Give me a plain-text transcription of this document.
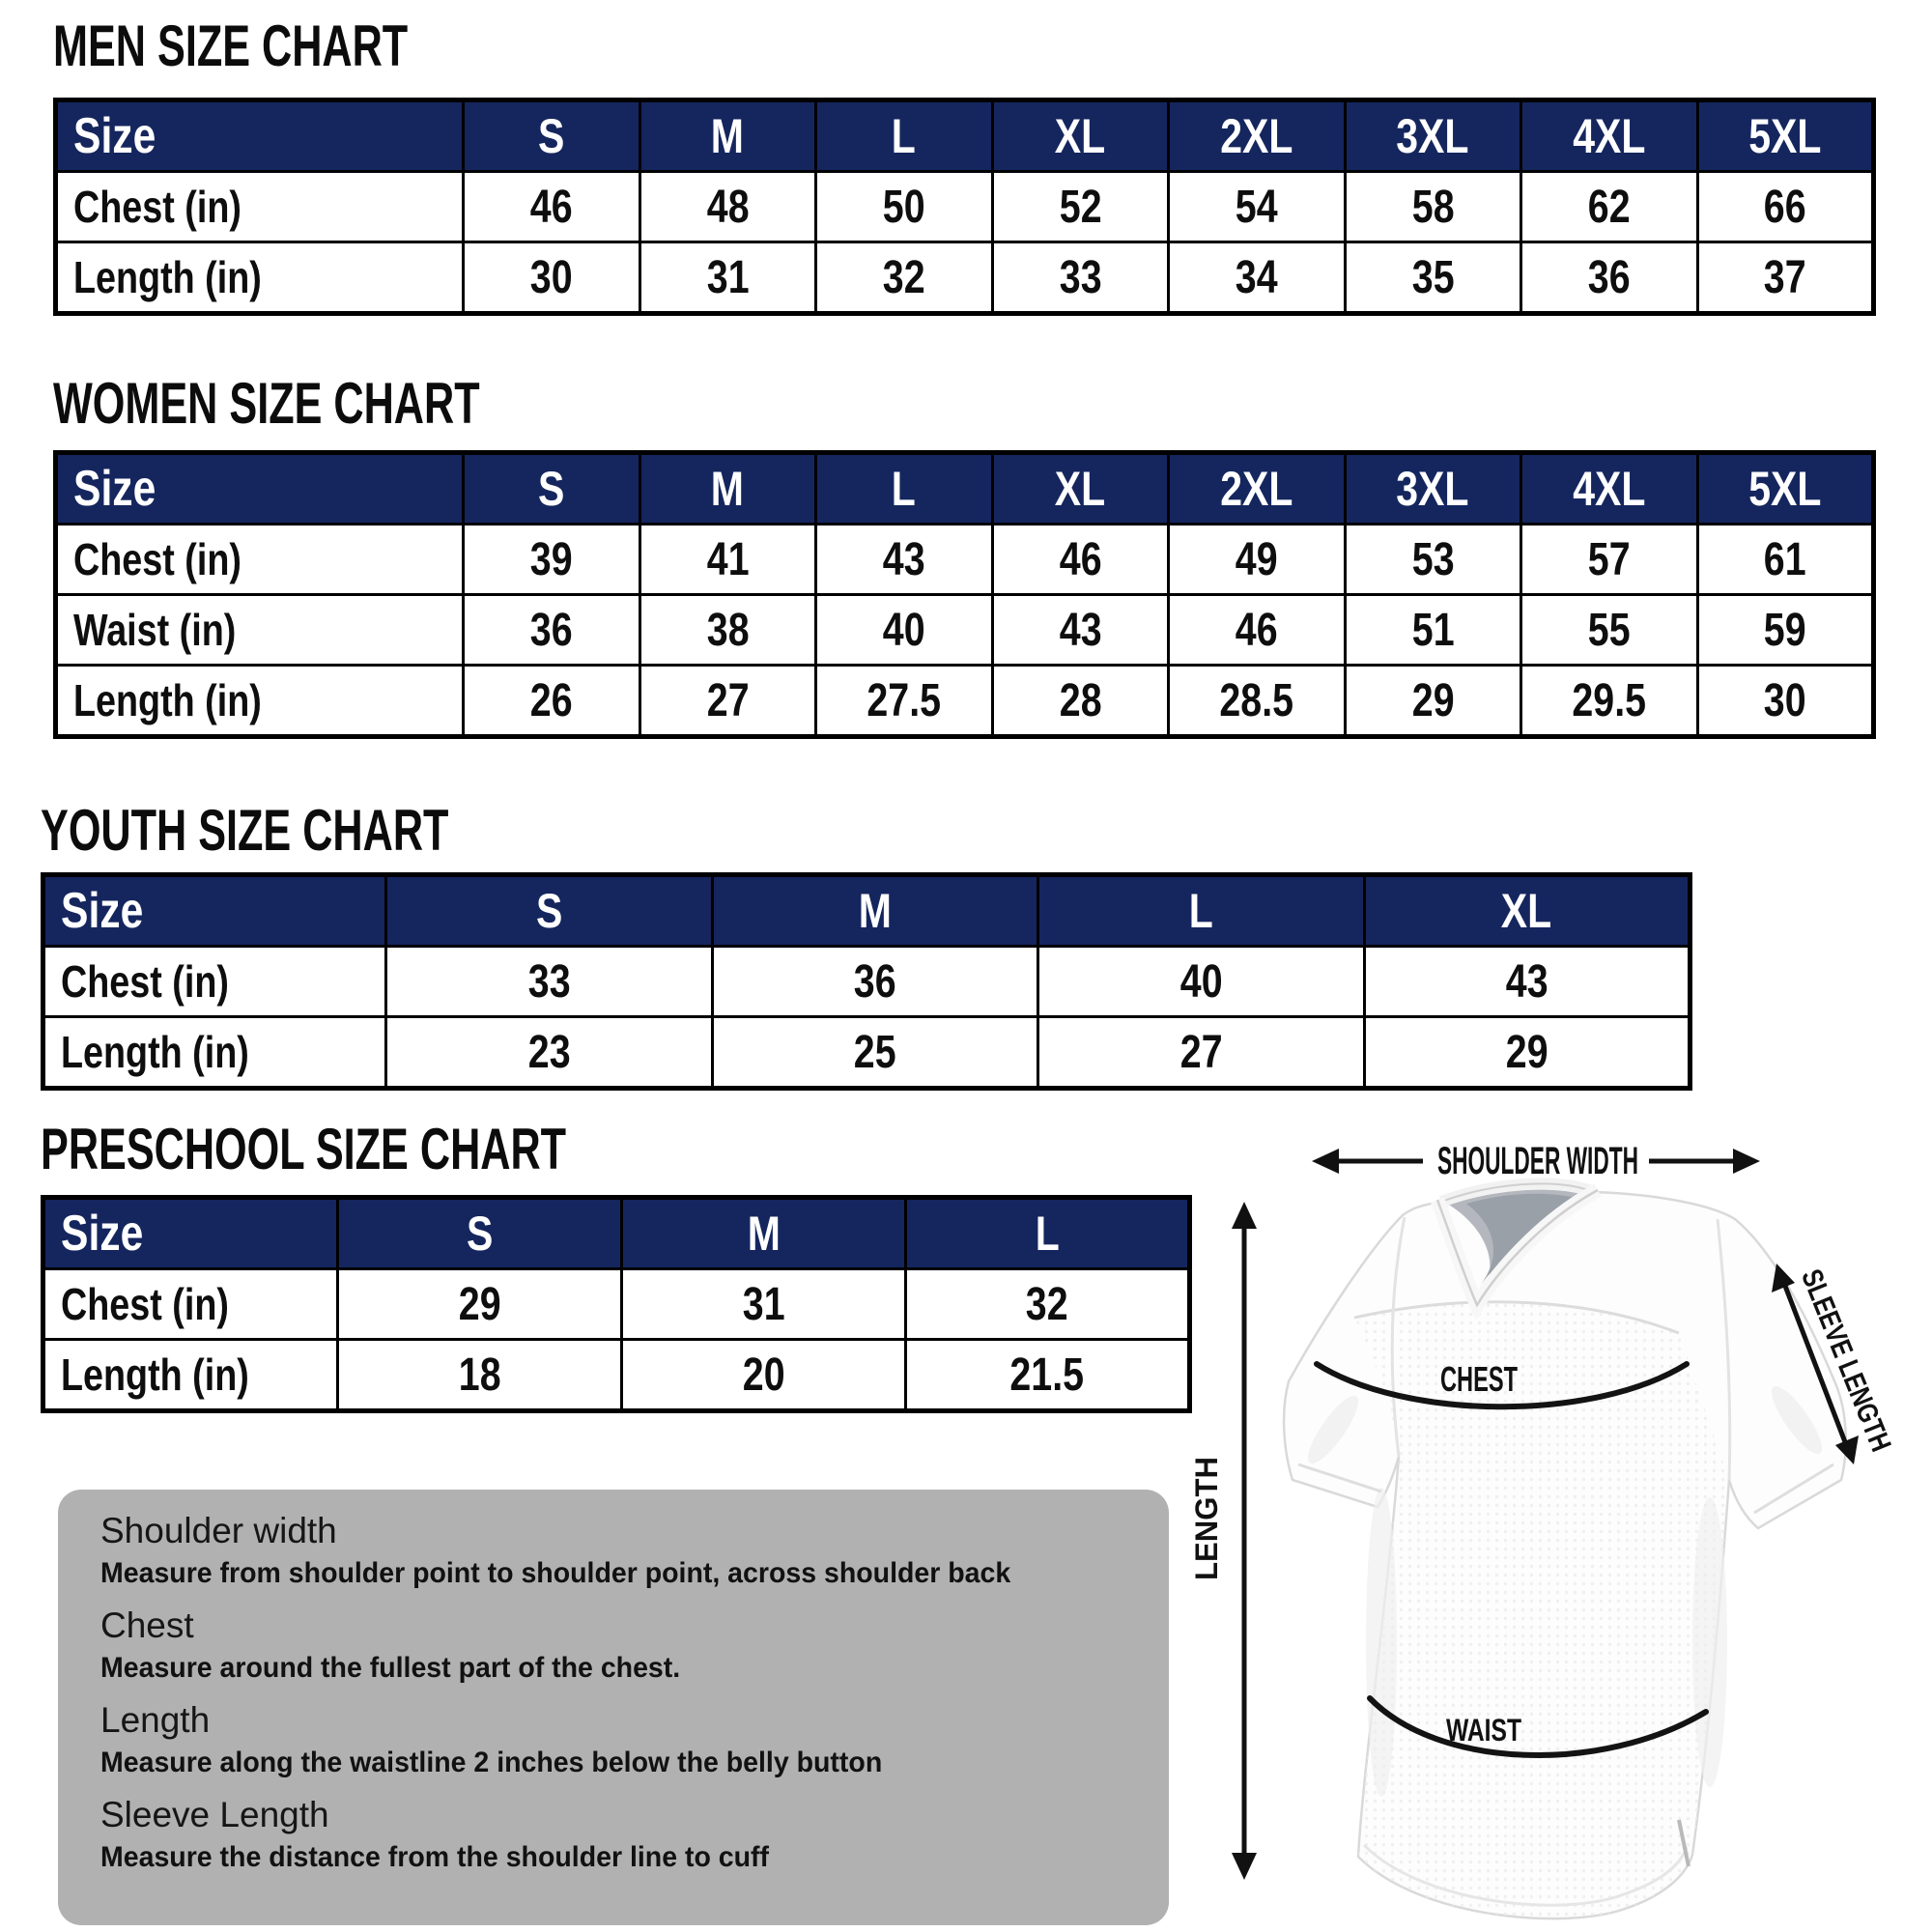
MEN SIZE CHART
Size	S	M	L	XL	2XL	3XL	4XL	5XL
Chest (in)	46	48	50	52	54	58	62	66
Length (in)	30	31	32	33	34	35	36	37
WOMEN SIZE CHART
Size	S	M	L	XL	2XL	3XL	4XL	5XL
Chest (in)	39	41	43	46	49	53	57	61
Waist (in)	36	38	40	43	46	51	55	59
Length (in)	26	27	27.5	28	28.5	29	29.5	30
YOUTH SIZE CHART
Size	S	M	L	XL
Chest (in)	33	36	40	43
Length (in)	23	25	27	29
PRESCHOOL SIZE CHART
Size	S	M	L
Chest (in)	29	31	32
Length (in)	18	20	21.5
Shoulder width
Measure from shoulder point to shoulder point, across shoulder back
Chest
Measure around the fullest part of the chest.
Length
Measure along the waistline 2 inches below the belly button
Sleeve Length
Measure the distance from the shoulder line to cuff
CHEST
WAIST
SHOULDER WIDTH
LENGTH
SLEEVE LENGTH
